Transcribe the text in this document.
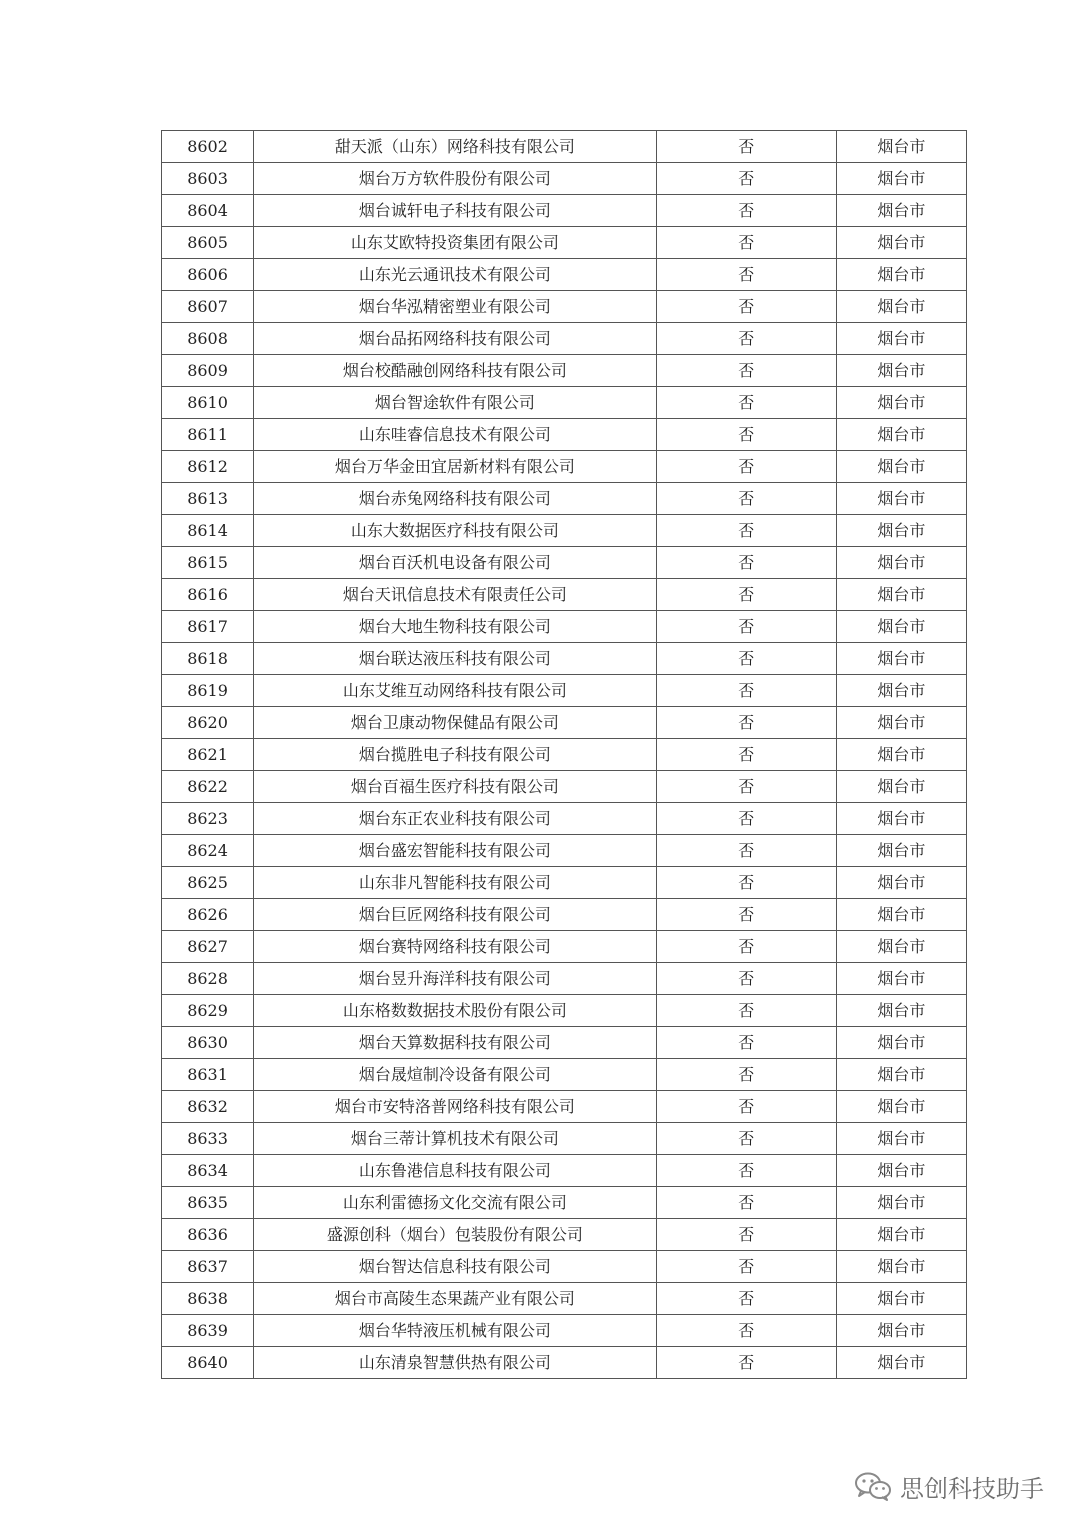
8602	甜天派（山东）网络科技有限公司	否	烟台市
8603	烟台万方软件股份有限公司	否	烟台市
8604	烟台诚轩电子科技有限公司	否	烟台市
8605	山东艾欧特投资集团有限公司	否	烟台市
8606	山东光云通讯技术有限公司	否	烟台市
8607	烟台华泓精密塑业有限公司	否	烟台市
8608	烟台品拓网络科技有限公司	否	烟台市
8609	烟台校酷融创网络科技有限公司	否	烟台市
8610	烟台智途软件有限公司	否	烟台市
8611	山东哇睿信息技术有限公司	否	烟台市
8612	烟台万华金田宜居新材料有限公司	否	烟台市
8613	烟台赤兔网络科技有限公司	否	烟台市
8614	山东大数据医疗科技有限公司	否	烟台市
8615	烟台百沃机电设备有限公司	否	烟台市
8616	烟台天讯信息技术有限责任公司	否	烟台市
8617	烟台大地生物科技有限公司	否	烟台市
8618	烟台联达液压科技有限公司	否	烟台市
8619	山东艾维互动网络科技有限公司	否	烟台市
8620	烟台卫康动物保健品有限公司	否	烟台市
8621	烟台揽胜电子科技有限公司	否	烟台市
8622	烟台百福生医疗科技有限公司	否	烟台市
8623	烟台东正农业科技有限公司	否	烟台市
8624	烟台盛宏智能科技有限公司	否	烟台市
8625	山东非凡智能科技有限公司	否	烟台市
8626	烟台巨匠网络科技有限公司	否	烟台市
8627	烟台赛特网络科技有限公司	否	烟台市
8628	烟台昱升海洋科技有限公司	否	烟台市
8629	山东格数数据技术股份有限公司	否	烟台市
8630	烟台天算数据科技有限公司	否	烟台市
8631	烟台晟煊制冷设备有限公司	否	烟台市
8632	烟台市安特洛普网络科技有限公司	否	烟台市
8633	烟台三蒂计算机技术有限公司	否	烟台市
8634	山东鲁港信息科技有限公司	否	烟台市
8635	山东利雷德扬文化交流有限公司	否	烟台市
8636	盛源创科（烟台）包装股份有限公司	否	烟台市
8637	烟台智达信息科技有限公司	否	烟台市
8638	烟台市高陵生态果蔬产业有限公司	否	烟台市
8639	烟台华特液压机械有限公司	否	烟台市
8640	山东清泉智慧供热有限公司	否	烟台市
思创科技助手
